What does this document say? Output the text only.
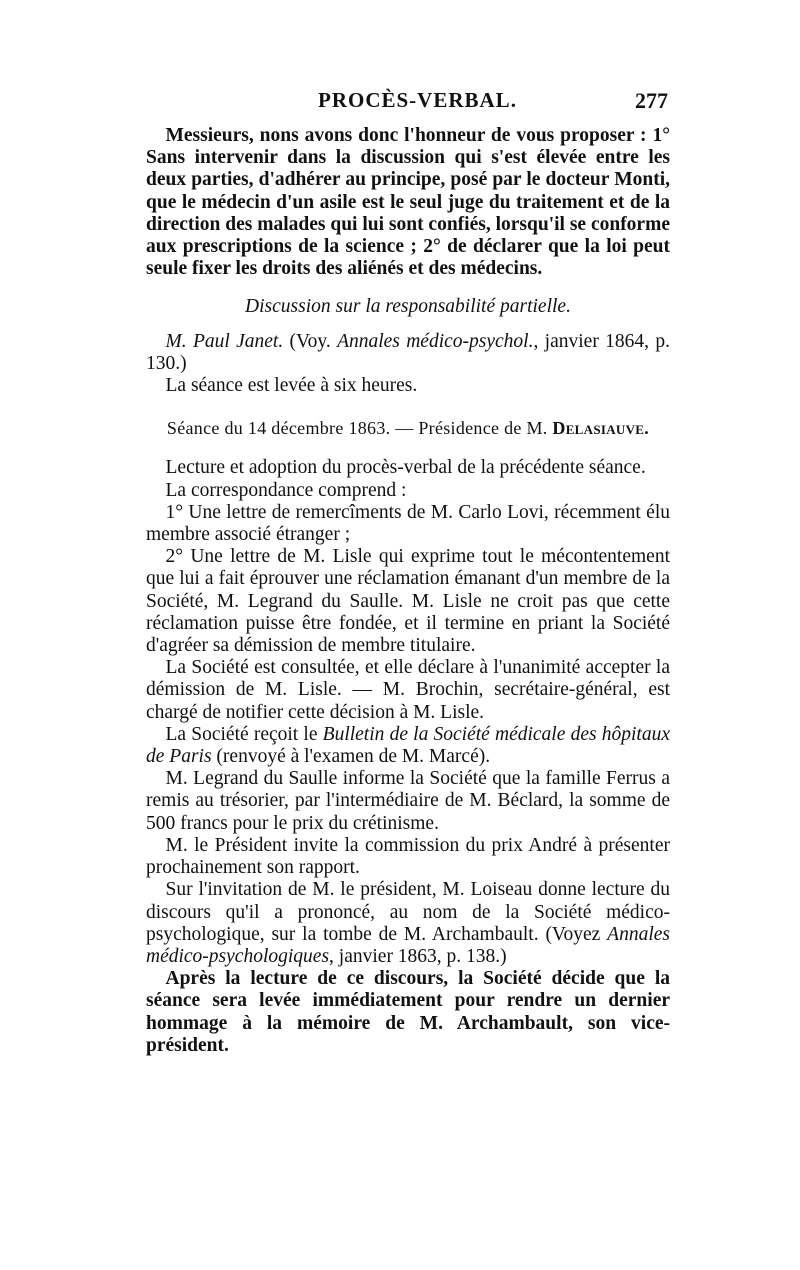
PROCÈS-VERBAL.	277

Messieurs, nons avons donc l'honneur de vous proposer : 1° Sans intervenir dans la discussion qui s'est élevée entre les deux parties, d'adhérer au principe, posé par le docteur Monti, que le médecin d'un asile est le seul juge du traitement et de la direction des malades qui lui sont confiés, lorsqu'il se conforme aux prescriptions de la science ; 2° de déclarer que la loi peut seule fixer les droits des aliénés et des médecins.

Discussion sur la responsabilité partielle.

M. Paul Janet. (Voy. Annales médico-psychol., janvier 1864, p. 130.)

La séance est levée à six heures.

Séance du 14 décembre 1863. — Présidence de M. Delasiauve.

Lecture et adoption du procès-verbal de la précédente séance.

La correspondance comprend :

1° Une lettre de remercîments de M. Carlo Lovi, récemment élu membre associé étranger ;

2° Une lettre de M. Lisle qui exprime tout le mécontentement que lui a fait éprouver une réclamation émanant d'un membre de la Société, M. Legrand du Saulle. M. Lisle ne croit pas que cette réclamation puisse être fondée, et il termine en priant la Société d'agréer sa démission de membre titulaire.

La Société est consultée, et elle déclare à l'unanimité accepter la démission de M. Lisle. — M. Brochin, secrétaire-général, est chargé de notifier cette décision à M. Lisle.

La Société reçoit le Bulletin de la Société médicale des hôpitaux de Paris (renvoyé à l'examen de M. Marcé).

M. Legrand du Saulle informe la Société que la famille Ferrus a remis au trésorier, par l'intermédiaire de M. Béclard, la somme de 500 francs pour le prix du crétinisme.

M. le Président invite la commission du prix André à présenter prochainement son rapport.

Sur l'invitation de M. le président, M. Loiseau donne lecture du discours qu'il a prononcé, au nom de la Société médico-psychologique, sur la tombe de M. Archambault. (Voyez Annales médico-psychologiques, janvier 1863, p. 138.)

Après la lecture de ce discours, la Société décide que la séance sera levée immédiatement pour rendre un dernier hommage à la mémoire de M. Archambault, son vice-président.
